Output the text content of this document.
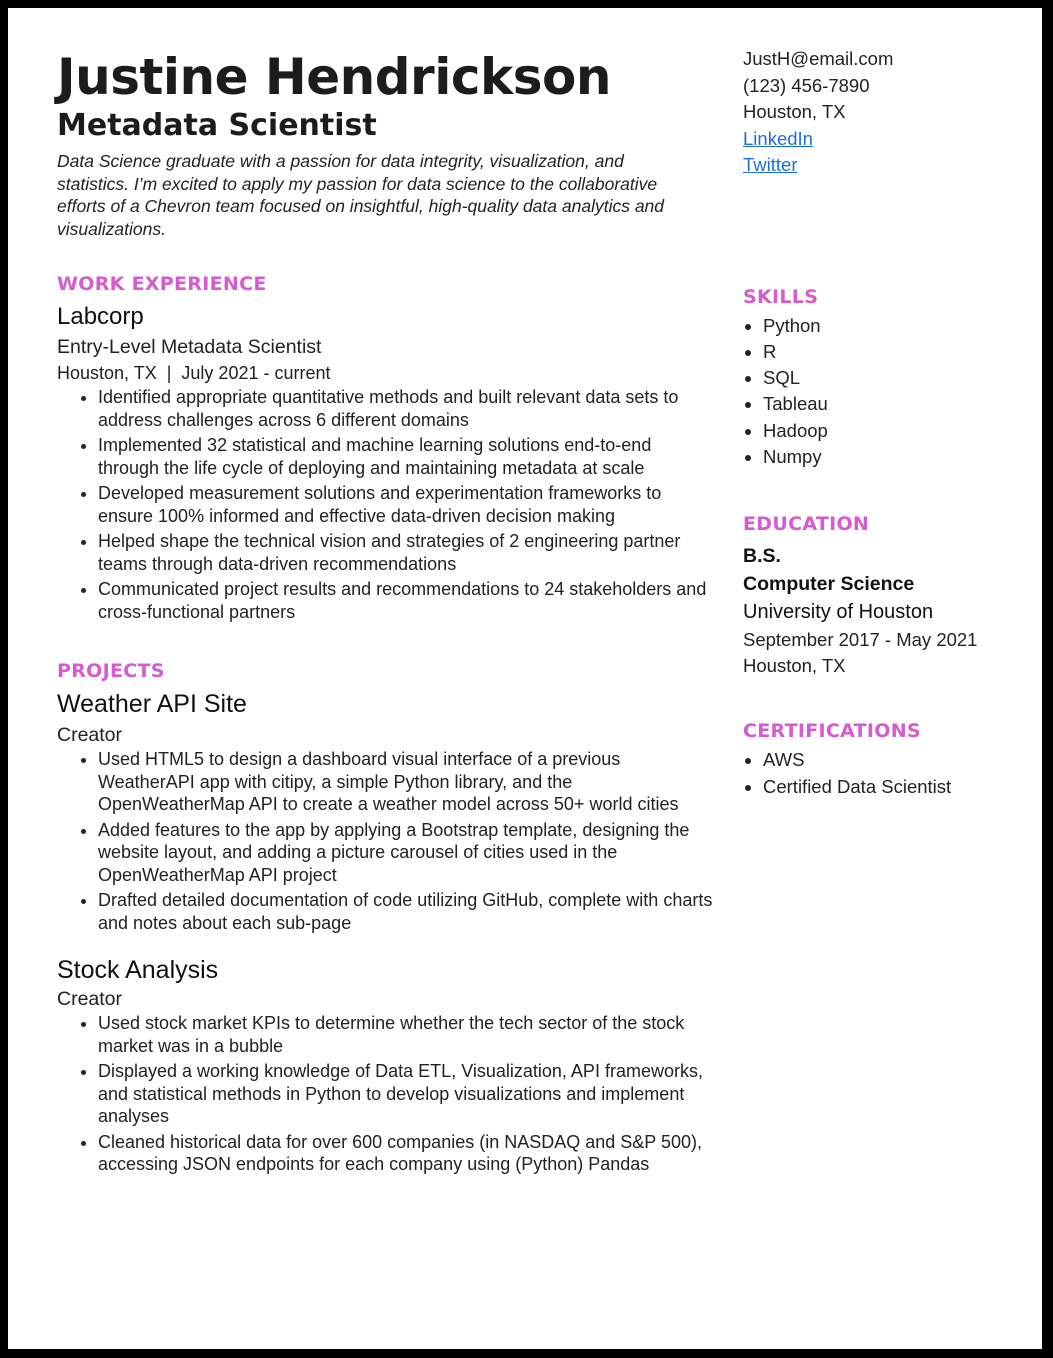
Justine Hendrickson
Metadata Scientist

Data Science graduate with a passion for data integrity, visualization, and statistics. I’m excited to apply my passion for data science to the collaborative efforts of a Chevron team focused on insightful, high-quality data analytics and visualizations.

WORK EXPERIENCE
Labcorp
Entry-Level Metadata Scientist
Houston, TX | July 2021 - current
• Identified appropriate quantitative methods and built relevant data sets to address challenges across 6 different domains
• Implemented 32 statistical and machine learning solutions end-to-end through the life cycle of deploying and maintaining metadata at scale
• Developed measurement solutions and experimentation frameworks to ensure 100% informed and effective data-driven decision making
• Helped shape the technical vision and strategies of 2 engineering partner teams through data-driven recommendations
• Communicated project results and recommendations to 24 stakeholders and cross-functional partners
PROJECTS
Weather API Site
Creator
• Used HTML5 to design a dashboard visual interface of a previous WeatherAPI app with citipy, a simple Python library, and the OpenWeatherMap API to create a weather model across 50+ world cities
• Added features to the app by applying a Bootstrap template, designing the website layout, and adding a picture carousel of cities used in the OpenWeatherMap API project
• Drafted detailed documentation of code utilizing GitHub, complete with charts and notes about each sub-page
Stock Analysis
Creator
• Used stock market KPIs to determine whether the tech sector of the stock market was in a bubble
• Displayed a working knowledge of Data ETL, Visualization, API frameworks, and statistical methods in Python to develop visualizations and implement analyses
• Cleaned historical data for over 600 companies (in NASDAQ and S&P 500), accessing JSON endpoints for each company using (Python) Pandas
JustH@email.com
(123) 456-7890
Houston, TX
LinkedIn
Twitter
SKILLS
• Python
• R
• SQL
• Tableau
• Hadoop
• Numpy
EDUCATION
B.S.
Computer Science
University of Houston
September 2017 - May 2021
Houston, TX
CERTIFICATIONS
• AWS
• Certified Data Scientist
